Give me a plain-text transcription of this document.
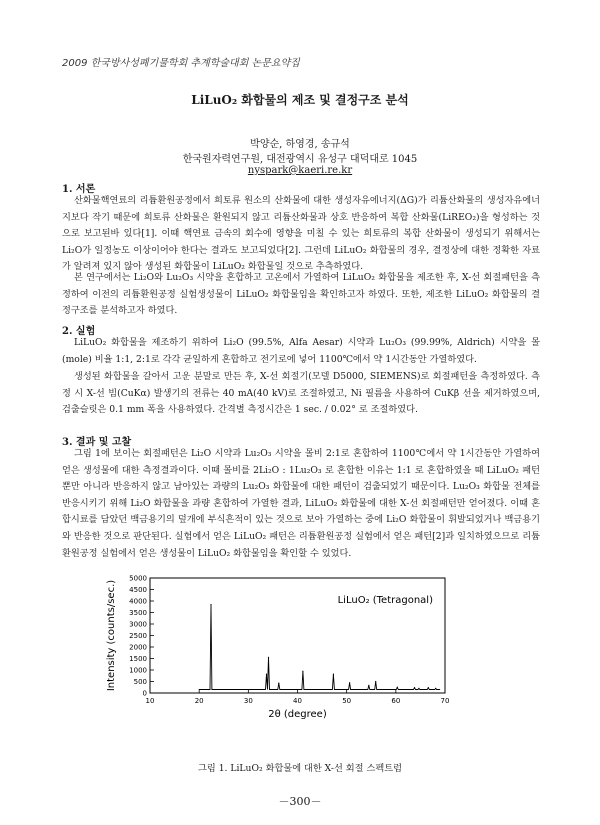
2009 한국방사성폐기물학회 추계학술대회 논문요약집
LiLuO₂ 화합물의 제조 및 결정구조 분석
박양순, 하영경, 송규석
한국원자력연구원, 대전광역시 유성구 대덕대로 1045
nyspark@kaeri.re.kr
1. 서론
산화물핵연료의 리튬환원공정에서 희토류 원소의 산화물에 대한 생성자유에너지(ΔG)가 리튬산화물의 생성자유에너지보다 작기 때문에 희토류 산화물은 환원되지 않고 리튬산화물과 상호 반응하여 복합 산화물(LiREO₂)을 형성하는 것으로 보고된바 있다[1]. 이때 핵연료 금속의 회수에 영향을 미칠 수 있는 희토류의 복합 산화물이 생성되기 위해서는 Li₂O가 일정농도 이상이어야 한다는 결과도 보고되었다[2]. 그런데 LiLuO₂ 화합물의 경우, 결정상에 대한 정확한 자료가 알려져 있지 않아 생성된 화합물이 LiLuO₂ 화합물일 것으로 추측하였다.
본 연구에서는 Li₂O와 Lu₂O₃ 시약을 혼합하고 고온에서 가열하여 LiLuO₂ 화합물을 제조한 후, X-선 회절패턴을 측정하여 이전의 리튬환원공정 실험생성물이 LiLuO₂ 화합물임을 확인하고자 하였다. 또한, 제조한 LiLuO₂ 화합물의 결정구조를 분석하고자 하였다.
2. 실험
LiLuO₂ 화합물을 제조하기 위하여 Li₂O (99.5%, Alfa Aesar) 시약과 Lu₂O₃ (99.99%, Aldrich) 시약을 몰(mole) 비율 1:1, 2:1로 각각 균일하게 혼합하고 전기로에 넣어 1100℃에서 약 1시간동안 가열하였다.
생성된 화합물을 갈아서 고운 분말로 만든 후, X-선 회절기(모델 D5000, SIEMENS)로 회절패턴을 측정하였다. 측정 시 X-선 빔(CuKα) 발생기의 전류는 40 mA(40 kV)로 조절하였고, Ni 필름을 사용하여 CuKβ 선을 제거하였으며, 검출슬릿은 0.1 mm 폭을 사용하였다. 간격별 측정시간은 1 sec. / 0.02° 로 조절하였다.
3. 결과 및 고찰
그림 1에 보이는 회절패턴은 Li₂O 시약과 Lu₂O₃ 시약을 몰비 2:1로 혼합하여 1100℃에서 약 1시간동안 가열하여 얻은 생성물에 대한 측정결과이다. 이때 몰비를 2Li₂O : 1Lu₂O₃ 로 혼합한 이유는 1:1 로 혼합하였을 때 LiLuO₂ 패턴뿐만 아니라 반응하지 않고 남아있는 과량의 Lu₂O₃ 화합물에 대한 패턴이 검출되었기 때문이다. Lu₂O₃ 화합물 전체를 반응시키기 위해 Li₂O 화합물을 과량 혼합하여 가열한 결과, LiLuO₂ 화합물에 대한 X-선 회절패턴만 얻어졌다. 이때 혼합시료를 담았던 백금용기의 덮개에 부식흔적이 있는 것으로 보아 가열하는 중에 Li₂O 화합물이 휘발되었거나 백금용기와 반응한 것으로 판단된다. 실험에서 얻은 LiLuO₂ 패턴은 리튬환원공정 실험에서 얻은 패턴[2]과 일치하였으므로 리튬환원공정 실험에서 얻은 생성물이 LiLuO₂ 화합물임을 확인할 수 있었다.
0
500
1000
1500
2000
2500
3000
3500
4000
4500
5000
10	20	30	40	50	60	70
2θ (degree)
Intensity (counts/sec.)	LiLuO₂ (Tetragonal)
그림 1. LiLuO₂ 화합물에 대한 X-선 회절 스펙트럼
－300－
